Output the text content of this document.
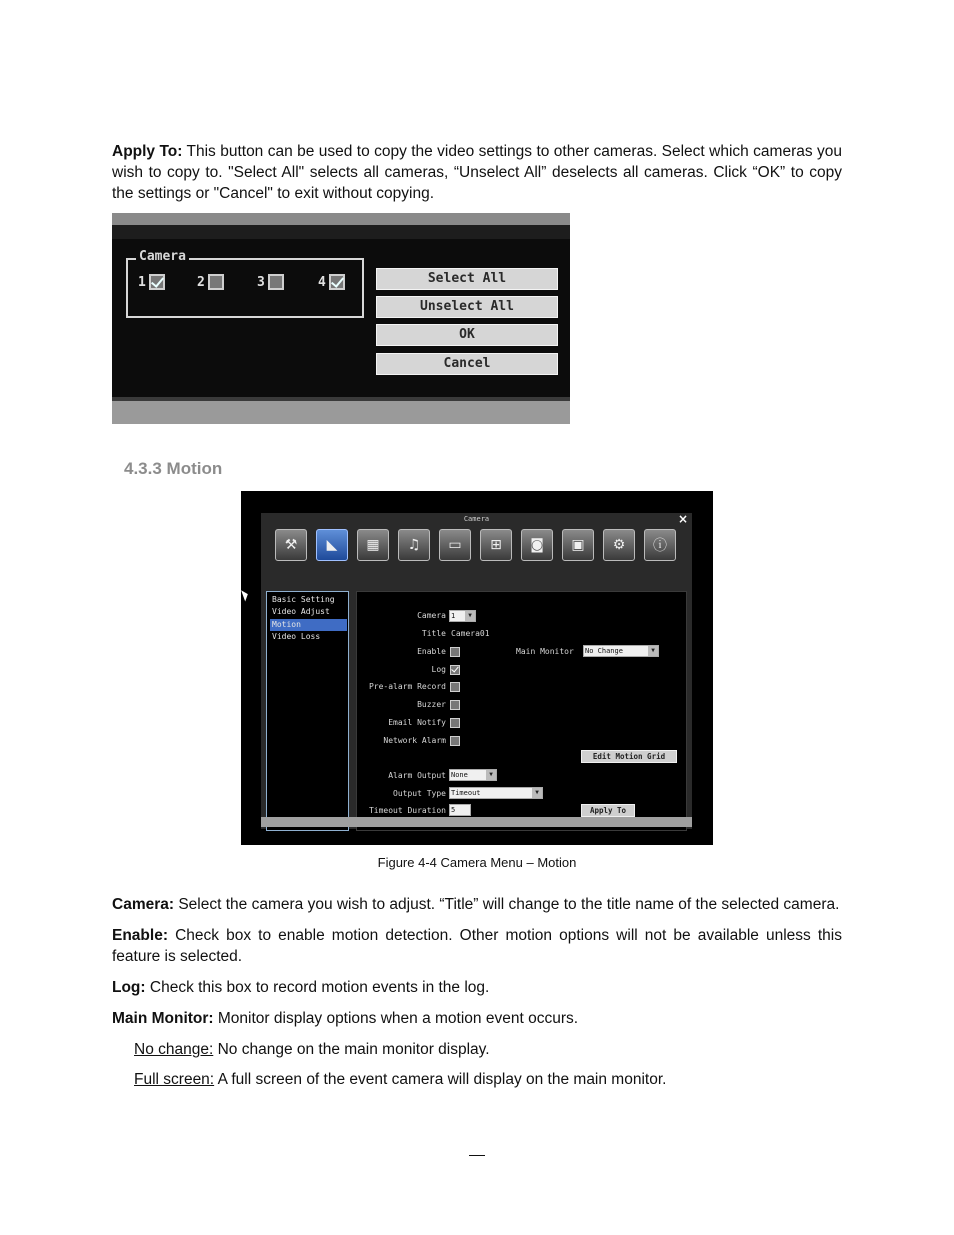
Apply To: This button can be used to copy the video settings to other cameras. Select which cameras you wish to copy to. "Select All" selects all cameras, “Unselect All” deselects all cameras. Click “OK” to copy the settings or "Cancel" to exit without copying.
Camera
1	2	3	4	Select All
Unselect All
OK
Cancel
4.3.3 Motion
Camera	×
⚒	◣	▦	♫	▭	⊞	◙	▣	⚙	ⓘ
Basic Setting
Video Adjust
Motion
Video Loss
Camera 1	▼
Title Camera01
Enable	Main Monitor No Change	▼
Log
Pre-alarm Record
Buzzer
Email Notify
Network Alarm
Edit Motion Grid
Alarm Output None	▼
Output Type Timeout	▼
Timeout Duration 5	Apply To
Figure 4-4 Camera Menu – Motion
Camera: Select the camera you wish to adjust. “Title” will change to the title name of the selected camera.
Enable: Check box to enable motion detection. Other motion options will not be available unless this feature is selected.
Log: Check this box to record motion events in the log.
Main Monitor: Monitor display options when a motion event occurs.
No change: No change on the main monitor display.
Full screen: A full screen of the event camera will display on the main monitor.
